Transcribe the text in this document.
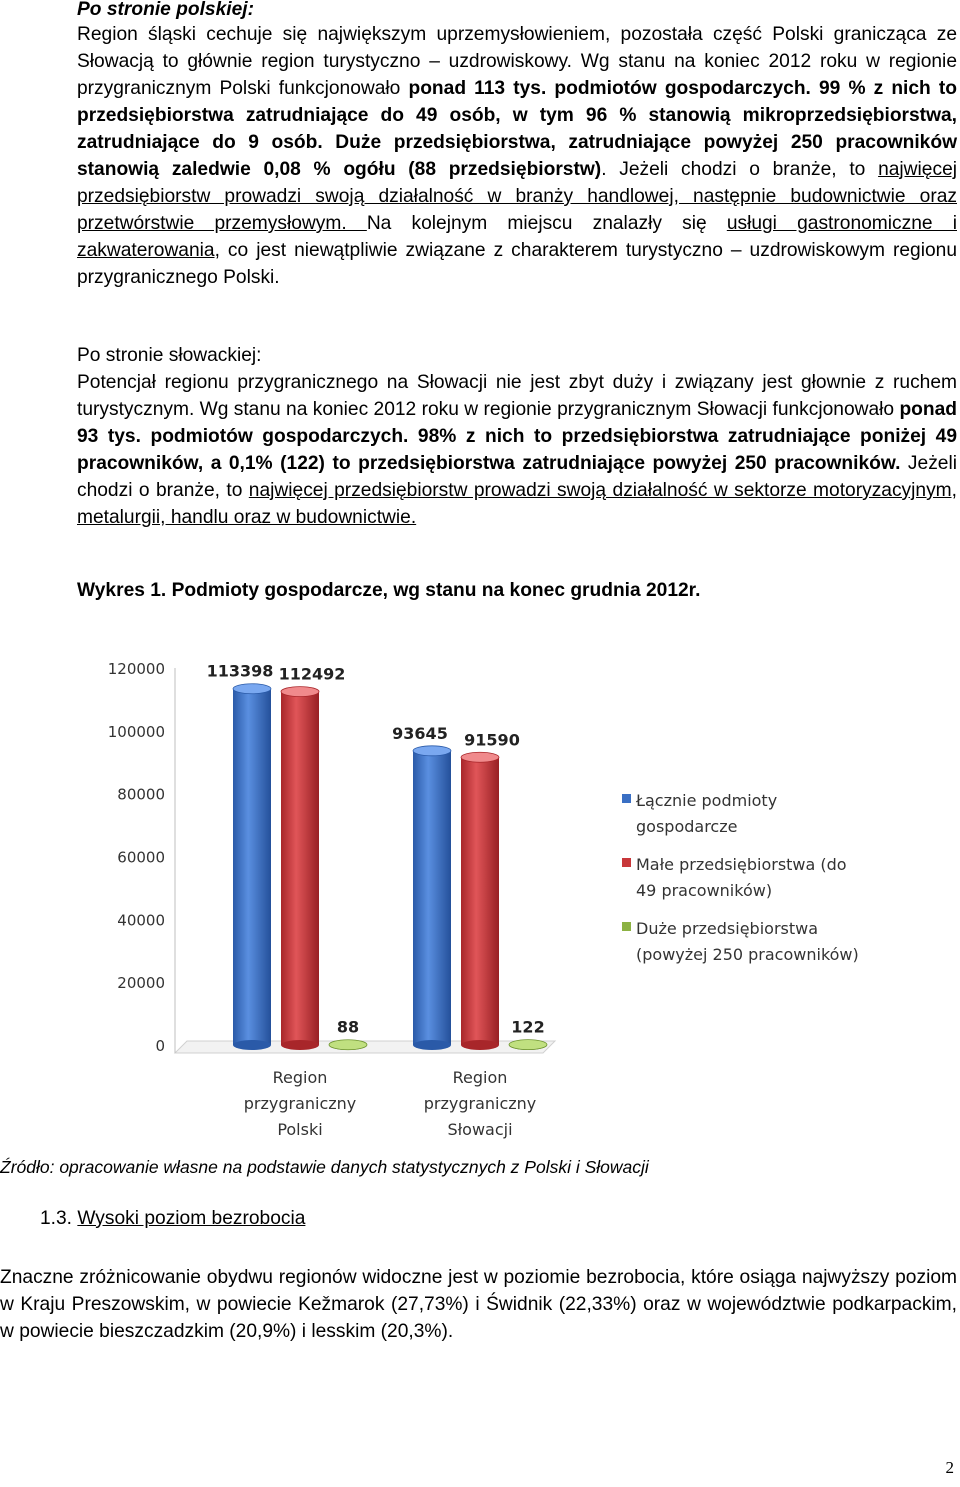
Po stronie polskiej:

Region śląski cechuje się największym uprzemysłowieniem, pozostała część Polski granicząca ze Słowacją to głównie region turystyczno – uzdrowiskowy. Wg stanu na koniec 2012 roku w regionie przygranicznym Polski funkcjonowało ponad 113 tys. podmiotów gospodarczych. 99 % z nich to przedsiębiorstwa zatrudniające do 49 osób, w tym 96 % stanowią mikroprzedsiębiorstwa, zatrudniające do 9 osób. Duże przedsiębiorstwa, zatrudniające powyżej 250 pracowników stanowią zaledwie 0,08 % ogółu (88 przedsiębiorstw). Jeżeli chodzi o branże, to najwięcej przedsiębiorstw prowadzi swoją działalność w branży handlowej, następnie budownictwie oraz przetwórstwie przemysłowym. Na kolejnym miejscu znalazły się usługi gastronomiczne i zakwaterowania, co jest niewątpliwie związane z charakterem turystyczno – uzdrowiskowym regionu przygranicznego Polski.

Po stronie słowackiej:

Potencjał regionu przygranicznego na Słowacji nie jest zbyt duży i związany jest głownie z ruchem turystycznym. Wg stanu na koniec 2012 roku w regionie przygranicznym Słowacji funkcjonowało ponad 93 tys. podmiotów gospodarczych. 98% z nich to przedsiębiorstwa zatrudniające poniżej 49 pracowników, a 0,1% (122) to przedsiębiorstwa zatrudniające powyżej 250 pracowników. Jeżeli chodzi o branże, to najwięcej przedsiębiorstw prowadzi swoją działalność w sektorze motoryzacyjnym, metalurgii, handlu oraz w budownictwie.

Wykres 1. Podmioty gospodarcze, wg stanu na konec grudnia 2012r.

0
20000
40000
60000
80000
100000
120000	113398 112492
88
Region
przygraniczny
Polski
93645 91590
122
Region
przygraniczny
Słowacji
Łącznie podmioty
gospodarcze
Małe przedsiębiorstwa (do
49 pracowników)
Duże przedsiębiorstwa
(powyżej 250 pracowników)

Źródło: opracowanie własne na podstawie danych statystycznych z Polski i Słowacji

1.3. Wysoki poziom bezrobocia

Znaczne zróżnicowanie obydwu regionów widoczne jest w poziomie bezrobocia, które osiąga najwyższy poziom w Kraju Preszowskim, w powiecie Kežmarok (27,73%) i Świdnik (22,33%) oraz w województwie podkarpackim, w powiecie bieszczadzkim (20,9%) i lesskim (20,3%).

2
